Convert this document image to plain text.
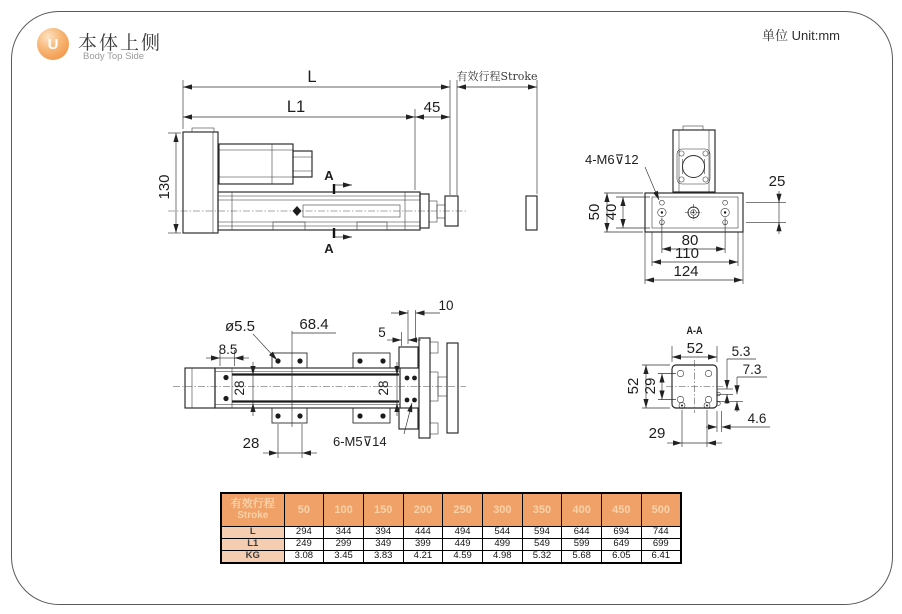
U 本体上侧
Body Top Side
单位 Unit:mm
L	有效行程Stroke
L1	45
130	A
A
25
50 40
80
110
124
4-M6⊽12
8.5
ø5.5	68.4
10
5
28	28
28	6-M5⊽14
A-A
52 5.3
7.3
52 29
4.6
29
有效行程
Stroke	50	100	150	200	250	300	350	400	450	500
L	294	344	394	444	494	544	594	644	694	744
L1	249	299	349	399	449	499	549	599	649	699
KG	3.08	3.45	3.83	4.21	4.59	4.98	5.32	5.68	6.05	6.41
